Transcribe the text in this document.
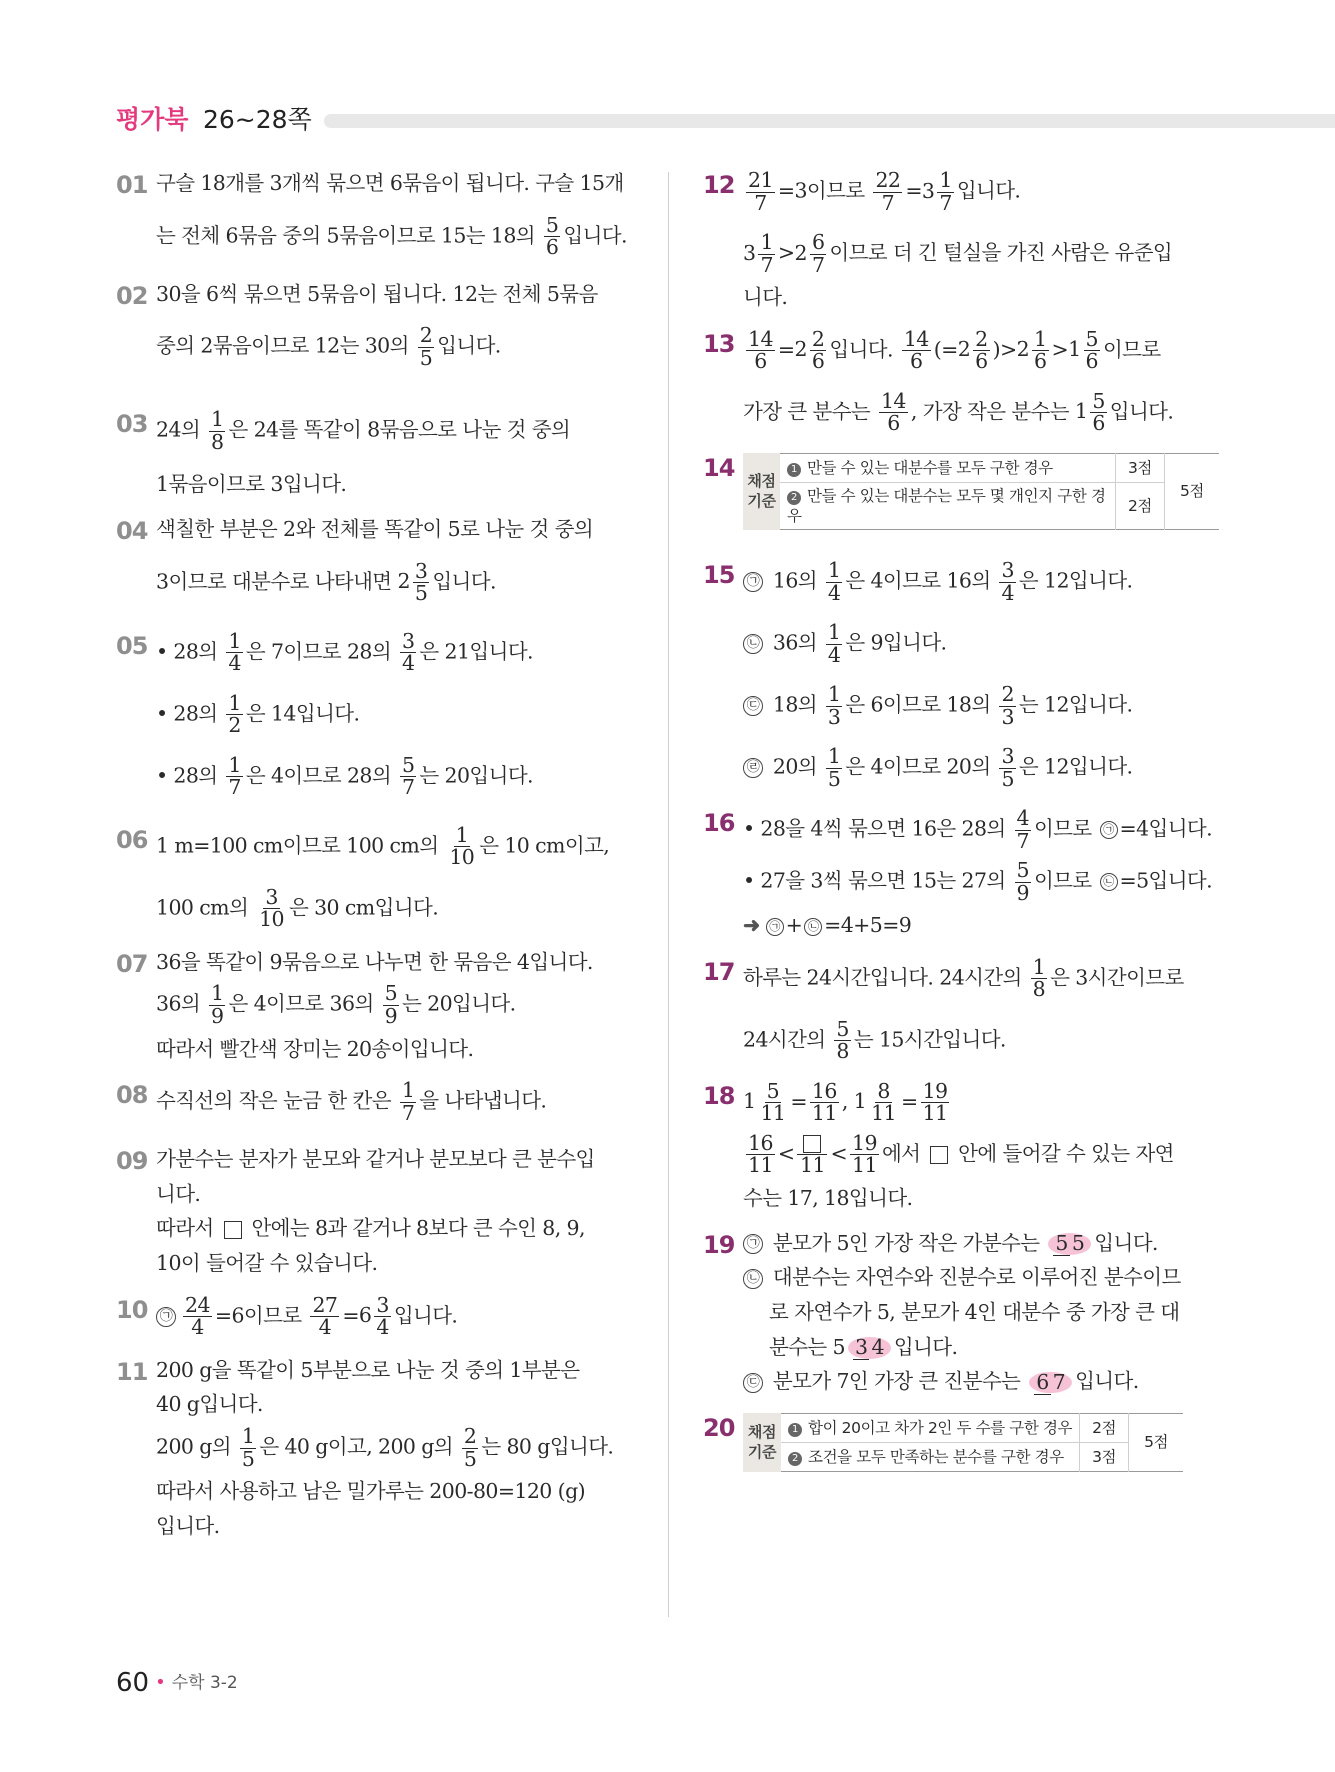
평가북 26~28쪽
01 구슬 18개를 3개씩 묶으면 6묶음이 됩니다. 구슬 15개
는 전체 6묶음 중의 5묶음이므로 15는 18의 $\frac{5}{6}$ 입니다.
02 30을 6씩 묶으면 5묶음이 됩니다. 12는 전체 5묶음
중의 2묶음이므로 12는 30의 $\frac{2}{5}$ 입니다.
03 24의 $\frac{1}{8}$ 은 24를 똑같이 8묶음으로 나눈 것 중의
1묶음이므로 3입니다.
04 색칠한 부분은 2와 전체를 똑같이 5로 나눈 것 중의
3이므로 대분수로 나타내면 $2 \frac{3}{5}$ 입니다.
05 • 28의 $\frac{1}{4}$ 은 7이므로 28의 $\frac{3}{4}$ 은 21입니다.
• 28의 $\frac{1}{2}$ 은 14입니다.
• 28의 $\frac{1}{7}$ 은 4이므로 28의 $\frac{5}{7}$ 는 20입니다.
06 1 m=100 cm이므로 100 cm의 $\frac{1}{10}$ 은 10 cm이고,
100 cm의 $\frac{3}{10}$ 은 30 cm입니다.
07 36을 똑같이 9묶음으로 나누면 한 묶음은 4입니다.
36의 $\frac{1}{9}$ 은 4이므로 36의 $\frac{5}{9}$ 는 20입니다.
따라서 빨간색 장미는 20송이입니다.
08 수직선의 작은 눈금 한 칸은 $\frac{1}{7}$ 을 나타냅니다.
09 가분수는 분자가 분모와 같거나 분모보다 큰 분수입
니다.
따라서  안에는 8과 같거나 8보다 큰 수인 8, 9,
10이 들어갈 수 있습니다.
10 ㉠ $\frac{24}{4} =6$이므로 $\frac{27}{4} =6 \frac{3}{4}$ 입니다.
11 200 g을 똑같이 5부분으로 나눈 것 중의 1부분은
40 g입니다.
200 g의 $\frac{1}{5}$ 은 40 g이고, 200 g의 $\frac{2}{5}$ 는 80 g입니다.
따라서 사용하고 남은 밀가루는 200-80=120 (g)
입니다.
$12 \frac{21}{7} =3$이므로 $\frac{22}{7} =3 \frac{1}{7}$ 입니다.
$3 \frac{1}{7} >2 \frac{6}{7}$ 이므로 더 긴 털실을 가진 사람은 유준입
니다.
$13 \frac{14}{6} =2 \frac{2}{6}$ 입니다. $\frac{14}{6} (=2 \frac{2}{6} )>2 \frac{1}{6} >1 \frac{5}{6}$ 이므로
가장 큰 분수는 $\frac{14}{6}$ , 가장 작은 분수는 $1 \frac{5}{6}$ 입니다.
14 채점
기준
1 만들 수 있는 대분수를 모두 구한 경우	3점	5점
2 만들 수 있는 대분수는 모두 몇 개인지 구한 경우	2점	
15 ㉠ 16의 $\frac{1}{4}$ 은 4이므로 16의 $\frac{3}{4}$ 은 12입니다.
㉡ 36의 $\frac{1}{4}$ 은 9입니다.
㉢ 18의 $\frac{1}{3}$ 은 6이므로 18의 $\frac{2}{3}$ 는 12입니다.
㉣ 20의 $\frac{1}{5}$ 은 4이므로 20의 $\frac{3}{5}$ 은 12입니다.
16 • 28을 4씩 묶으면 16은 28의 $\frac{4}{7}$ 이므로 ㉠ =4입니다.
• 27을 3씩 묶으면 15는 27의 $\frac{5}{9}$ 이므로 ㉡ =5입니다.
➜ ㉠ + ㉡ =4+5=9
17 하루는 24시간입니다. 24시간의 $\frac{1}{8}$ 은 3시간이므로
24시간의 $\frac{5}{8}$ 는 15시간입니다.
18 $1 \frac{5}{11} = \frac{16}{11}$ , $1 \frac{8}{11} = \frac{19}{11}$
$\frac{16}{11} < 11 < \frac{19}{11}$ 에서  안에 들어갈 수 있는 자연
수는 17, 18입니다.
19 ㉠ 분모가 5인 가장 작은 가분수는 5 5 입니다.
㉡ 대분수는 자연수와 진분수로 이루어진 분수이므
로 자연수가 5, 분모가 4인 대분수 중 가장 큰 대
분수는 5 3 4 입니다.
㉢ 분모가 7인 가장 큰 진분수는 6 7 입니다.
20 채점
기준
1 합이 20이고 차가 2인 두 수를 구한 경우	2점	5점
2 조건을 모두 만족하는 분수를 구한 경우	3점	
60 • 수학 3-2
